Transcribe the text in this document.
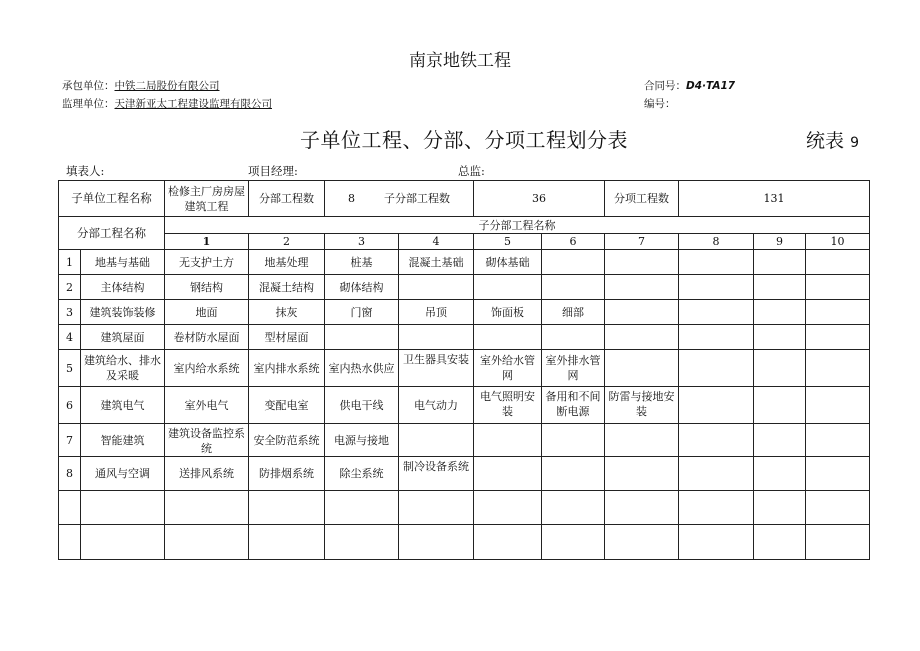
南京地铁工程
承包单位：中铁二局股份有限公司
监理单位：天津新亚太工程建设监理有限公司
合同号：D4·TA17
编号：
子单位工程、分部、分项工程划分表	统表 9
填表人:	项目经理:	总监:
子单位工程名称		检修主厂房房屋建筑工程	分部工程数	8 子分部工程数		36		分项工程数	131		
分部工程名称		子分部工程名称									
		1	2	3	4	5	6	7	8	9	10
1	地基与基础	无支护土方	地基处理	桩基	混凝土基础	砌体基础					
2	主体结构	钢结构	混凝土结构	砌体结构							
3	建筑装饰装修	地面	抹灰	门窗	吊顶	饰面板	细部				
4	建筑屋面	卷材防水屋面	型材屋面								
5	建筑给水、排水及采暖	室内给水系统	室内排水系统	室内热水供应	卫生器具安装	室外给水管网	室外排水管网				
6	建筑电气	室外电气	变配电室	供电干线	电气动力	电气照明安装	备用和不间断电源	防雷与接地安装			
7	智能建筑	建筑设备监控系统	安全防范系统	电源与接地							
8	通风与空调	送排风系统	防排烟系统	除尘系统	制冷设备系统						
